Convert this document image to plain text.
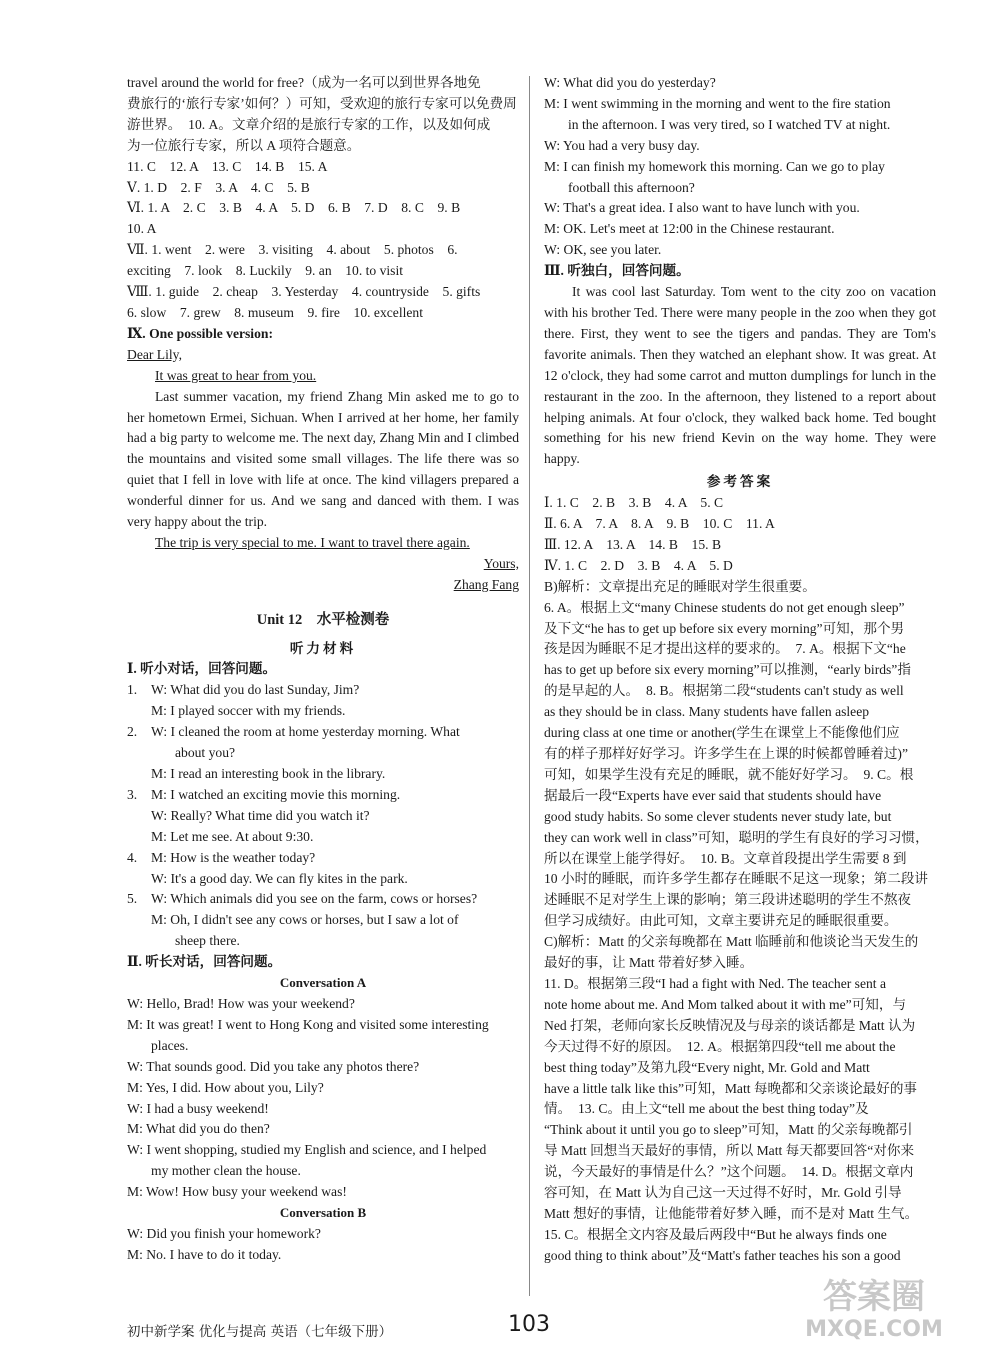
travel around the world for free?（成为一名可以到世界各地免
费旅行的‘旅行专家’如何？）可知，受欢迎的旅行专家可以免费周
游世界。　10. A。文章介绍的是旅行专家的工作，以及如何成
为一位旅行专家，所以 A 项符合题意。
11. C　12. A　13. C　14. B　15. A
Ⅴ. 1. D　2. F　3. A　4. C　5. B
Ⅵ. 1. A　2. C　3. B　4. A　5. D　6. B　7. D　8. C　9. B
10. A
Ⅶ. 1. went　2. were　3. visiting　4. about　5. photos　6.
exciting　7. look　8. Luckily　9. an　10. to visit
Ⅷ. 1. guide　2. cheap　3. Yesterday　4. countryside　5. gifts
6. slow　7. grew　8. museum　9. fire　10. excellent
Ⅸ. One possible version:
Dear Lily,
It was great to hear from you.
Last summer vacation, my friend Zhang Min asked me to go to her hometown Ermei, Sichuan. When I arrived at her home, her family had a big party to welcome me. The next day, Zhang Min and I climbed the mountains and visited some small villages. The life there was so quiet that I fell in love with life at once. The kind villagers prepared a wonderful dinner for us. And we sang and danced with them. I was very happy about the trip.
The trip is very special to me. I want to travel there again.
Yours,
Zhang Fang
Unit 12　水平检测卷
听力材料
Ⅰ. 听小对话，回答问题。
1. W: What did you do last Sunday, Jim?
M: I played soccer with my friends.
2. W: I cleaned the room at home yesterday morning. What
about you?
M: I read an interesting book in the library.
3. M: I watched an exciting movie this morning.
W: Really? What time did you watch it?
M: Let me see. At about 9:30.
4. M: How is the weather today?
W: It's a good day. We can fly kites in the park.
5. W: Which animals did you see on the farm, cows or horses?
M: Oh, I didn't see any cows or horses, but I saw a lot of
sheep there.
Ⅱ. 听长对话，回答问题。
Conversation A
W: Hello, Brad! How was your weekend?
M: It was great! I went to Hong Kong and visited some interesting
places.
W: That sounds good. Did you take any photos there?
M: Yes, I did. How about you, Lily?
W: I had a busy weekend!
M: What did you do then?
W: I went shopping, studied my English and science, and I helped
my mother clean the house.
M: Wow! How busy your weekend was!
Conversation B
W: Did you finish your homework?
M: No. I have to do it today.
W: What did you do yesterday?
M: I went swimming in the morning and went to the fire station
in the afternoon. I was very tired, so I watched TV at night.
W: You had a very busy day.
M: I can finish my homework this morning. Can we go to play
football this afternoon?
W: That's a great idea. I also want to have lunch with you.
M: OK. Let's meet at 12:00 in the Chinese restaurant.
W: OK, see you later.
Ⅲ. 听独白，回答问题。
It was cool last Saturday. Tom went to the city zoo on vacation with his brother Ted. There were many people in the zoo when they got there. First, they went to see the tigers and pandas. They are Tom's favorite animals. Then they watched an elephant show. It was great. At 12 o'clock, they had some carrot and mutton dumplings for lunch in the restaurant in the zoo. In the afternoon, they listened to a report about helping animals. At four o'clock, they walked back home. Ted bought something for his new friend Kevin on the way home. They were happy.
参考答案
Ⅰ. 1. C　2. B　3. B　4. A　5. C
Ⅱ. 6. A　7. A　8. A　9. B　10. C　11. A
Ⅲ. 12. A　13. A　14. B　15. B
Ⅳ. 1. C　2. D　3. B　4. A　5. D
B)解析：文章提出充足的睡眠对学生很重要。
6. A。根据上文“many Chinese students do not get enough sleep”
及下文“he has to get up before six every morning”可知，那个男
孩是因为睡眠不足才提出这样的要求的。　7. A。根据下文“he
has to get up before six every morning”可以推测，“early birds”指
的是早起的人。　8. B。根据第二段“students can't study as well
as they should be in class. Many students have fallen asleep
during class at one time or another(学生在课堂上不能像他们应
有的样子那样好好学习。许多学生在上课的时候都曾睡着过)”
可知，如果学生没有充足的睡眠，就不能好好学习。　9. C。根
据最后一段“Experts have ever said that students should have
good study habits. So some clever students never study late, but
they can work well in class”可知，聪明的学生有良好的学习习惯，
所以在课堂上能学得好。　10. B。文章首段提出学生需要 8 到
10 小时的睡眠，而许多学生都存在睡眠不足这一现象；第二段讲
述睡眠不足对学生上课的影响；第三段讲述聪明的学生不熬夜
但学习成绩好。由此可知，文章主要讲充足的睡眠很重要。
C)解析：Matt 的父亲每晚都在 Matt 临睡前和他谈论当天发生的
最好的事，让 Matt 带着好梦入睡。
11. D。根据第三段“I had a fight with Ned. The teacher sent a
note home about me. And Mom talked about it with me”可知，与
Ned 打架，老师向家长反映情况及与母亲的谈话都是 Matt 认为
今天过得不好的原因。　12. A。根据第四段“tell me about the
best thing today”及第九段“Every night, Mr. Gold and Matt
have a little talk like this”可知，Matt 每晚都和父亲谈论最好的事
情。　13. C。由上文“tell me about the best thing today”及
“Think about it until you go to sleep”可知，Matt 的父亲每晚都引
导 Matt 回想当天最好的事情，所以 Matt 每天都要回答“对你来
说，今天最好的事情是什么？”这个问题。　14. D。根据文章内
容可知，在 Matt 认为自己这一天过得不好时，Mr. Gold 引导
Matt 想好的事情，让他能带着好梦入睡，而不是对 Matt 生气。
15. C。根据全文内容及最后两段中“But he always finds one
good thing to think about”及“Matt's father teaches his son a good
103
初中新学案 优化与提高 英语（七年级下册）
答案圈
MXQE.COM
